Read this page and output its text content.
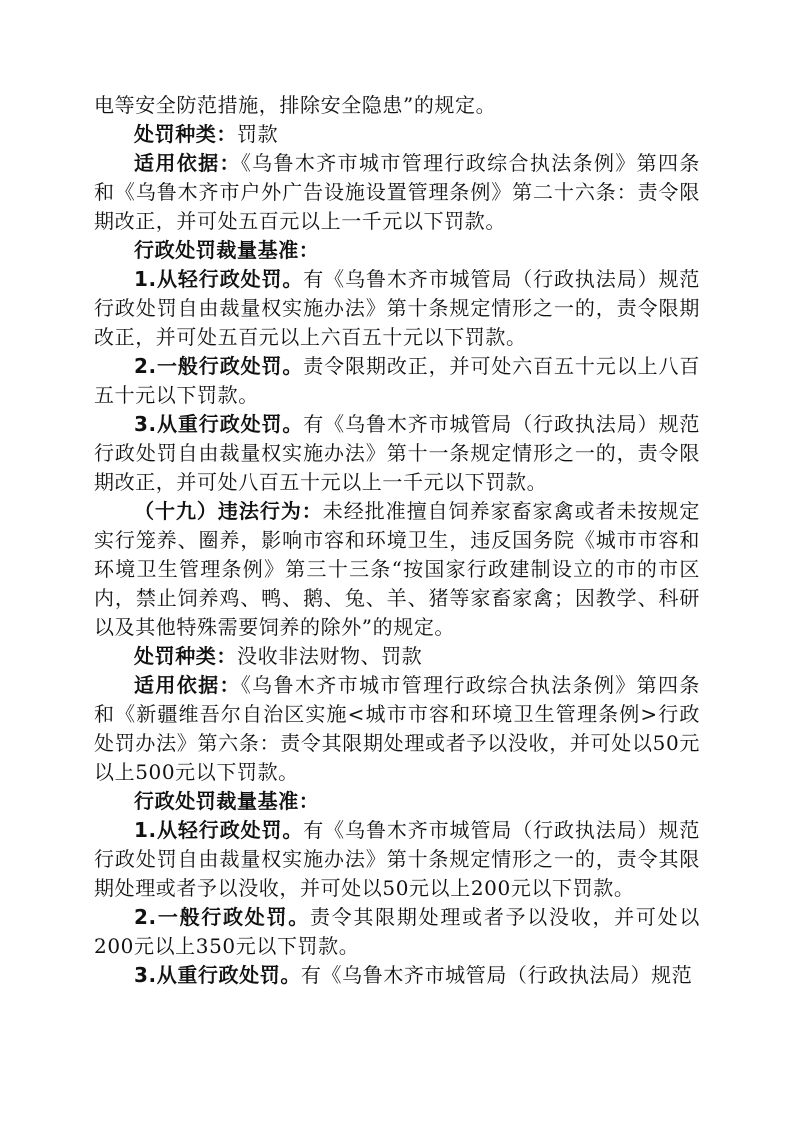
电等安全防范措施，排除安全隐患”的规定。

处罚种类：罚款

适用依据：《乌鲁木齐市城市管理行政综合执法条例》第四条和《乌鲁木齐市户外广告设施设置管理条例》第二十六条：责令限期改正，并可处五百元以上一千元以下罚款。

行政处罚裁量基准：

1.从轻行政处罚。有《乌鲁木齐市城管局（行政执法局）规范行政处罚自由裁量权实施办法》第十条规定情形之一的，责令限期改正，并可处五百元以上六百五十元以下罚款。

2.一般行政处罚。责令限期改正，并可处六百五十元以上八百五十元以下罚款。

3.从重行政处罚。有《乌鲁木齐市城管局（行政执法局）规范行政处罚自由裁量权实施办法》第十一条规定情形之一的，责令限期改正，并可处八百五十元以上一千元以下罚款。

（十九）违法行为：未经批准擅自饲养家畜家禽或者未按规定实行笼养、圈养，影响市容和环境卫生，违反国务院《城市市容和环境卫生管理条例》第三十三条“按国家行政建制设立的市的市区内，禁止饲养鸡、鸭、鹅、兔、羊、猪等家畜家禽；因教学、科研以及其他特殊需要饲养的除外”的规定。

处罚种类：没收非法财物、罚款

适用依据：《乌鲁木齐市城市管理行政综合执法条例》第四条和《新疆维吾尔自治区实施<城市市容和环境卫生管理条例>行政处罚办法》第六条：责令其限期处理或者予以没收，并可处以50元以上500元以下罚款。

行政处罚裁量基准：

1.从轻行政处罚。有《乌鲁木齐市城管局（行政执法局）规范行政处罚自由裁量权实施办法》第十条规定情形之一的，责令其限期处理或者予以没收，并可处以50元以上200元以下罚款。

2.一般行政处罚。责令其限期处理或者予以没收，并可处以200元以上350元以下罚款。

3.从重行政处罚。有《乌鲁木齐市城管局（行政执法局）规范
